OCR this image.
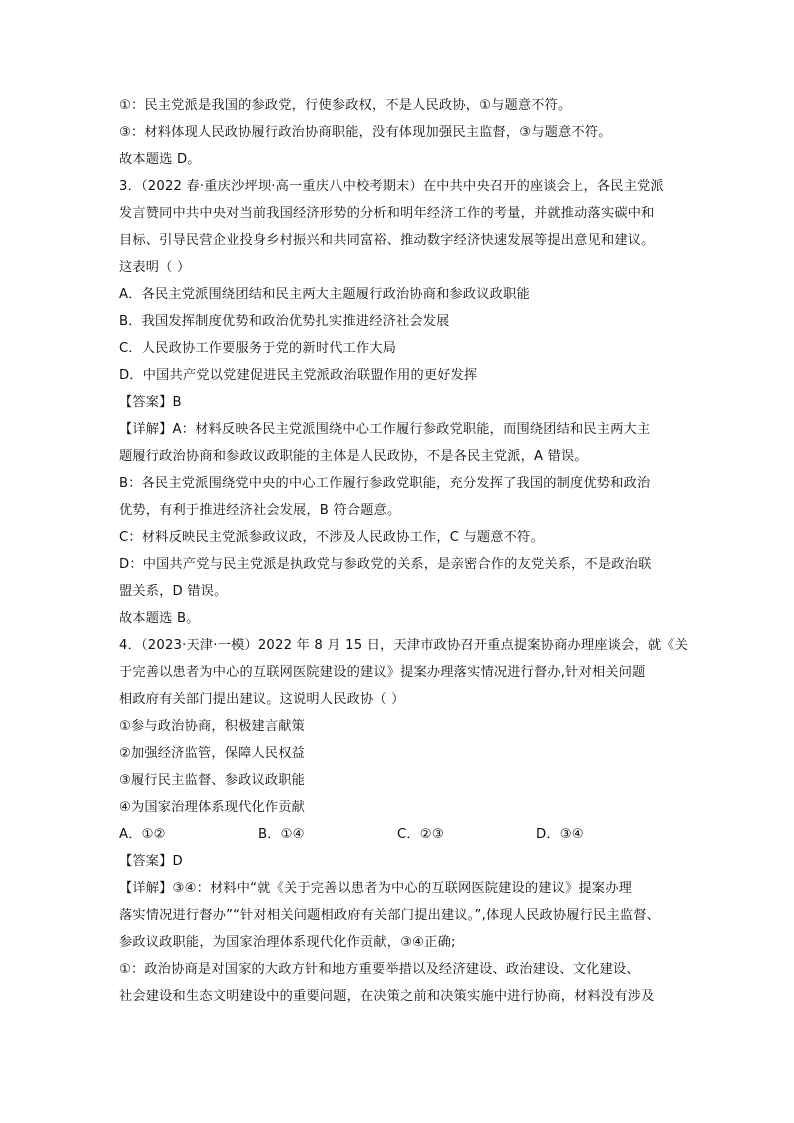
①：民主党派是我国的参政党，行使参政权，不是人民政协，①与题意不符。
③：材料体现人民政协履行政治协商职能，没有体现加强民主监督，③与题意不符。
故本题选 D。
3．（2022 春·重庆沙坪坝·高一重庆八中校考期末）在中共中央召开的座谈会上，各民主党派
发言赞同中共中央对当前我国经济形势的分析和明年经济工作的考量，并就推动落实碳中和
目标、引导民营企业投身乡村振兴和共同富裕、推动数字经济快速发展等提出意见和建议。
这表明（ ）
A．各民主党派围绕团结和民主两大主题履行政治协商和参政议政职能
B．我国发挥制度优势和政治优势扎实推进经济社会发展
C．人民政协工作要服务于党的新时代工作大局
D．中国共产党以党建促进民主党派政治联盟作用的更好发挥
【答案】B
【详解】A：材料反映各民主党派围绕中心工作履行参政党职能，而围绕团结和民主两大主
题履行政治协商和参政议政职能的主体是人民政协，不是各民主党派，A 错误。
B：各民主党派围绕党中央的中心工作履行参政党职能，充分发挥了我国的制度优势和政治
优势，有利于推进经济社会发展，B 符合题意。
C：材料反映民主党派参政议政，不涉及人民政协工作，C 与题意不符。
D：中国共产党与民主党派是执政党与参政党的关系，是亲密合作的友党关系，不是政治联
盟关系，D 错误。
故本题选 B。
4．（2023·天津·一模）2022 年 8 月 15 日，天津市政协召开重点提案协商办理座谈会，就《关
于完善以患者为中心的互联网医院建设的建议》提案办理落实情况进行督办,针对相关问题
相政府有关部门提出建议。这说明人民政协（ ）
①参与政治协商，积极建言献策
②加强经济监管，保障人民权益
③履行民主监督、参政议政职能
④为国家治理体系现代化作贡献
A．①②	B．①④	C．②③	D．③④
【答案】D
【详解】③④：材料中“就《关于完善以患者为中心的互联网医院建设的建议》提案办理
落实情况进行督办”“针对相关问题相政府有关部门提出建议。”,体现人民政协履行民主监督、
参政议政职能，为国家治理体系现代化作贡献，③④正确;
①：政治协商是对国家的大政方针和地方重要举措以及经济建设、政治建设、文化建设、
社会建设和生态文明建设中的重要问题，在决策之前和决策实施中进行协商，材料没有涉及
